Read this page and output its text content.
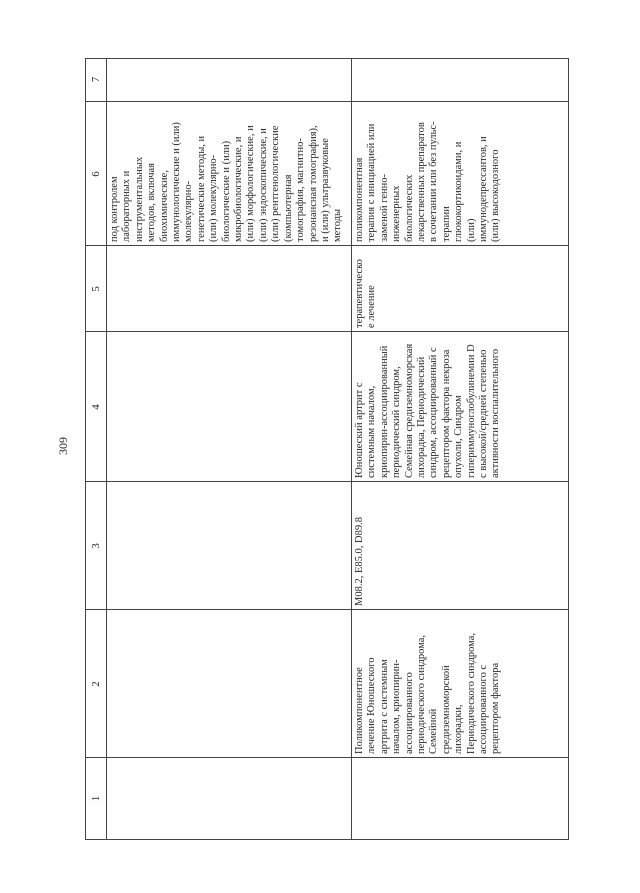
309
1
2
3
4
5
6
7
под контролем
лабораторных и
инструментальных
методов, включая
биохимические,
иммунологические и (или)
молекулярно-
генетические методы, и
(или) молекулярно-
биологические и (или)
микробиологические, и
(или) морфологические, и
(или) эндоскопические, и
(или) рентгенологические
(компьютерная
томография, магнитно-
резонансная томография),
и (или) ультразвуковые
методы
Поликомпонентное
лечение Юношеского
артрита с системным
началом, криопирин-
ассоциированного
периодического синдрома,
Семейной
средиземноморской
лихорадки,
Периодического синдрома,
ассоциированного с
рецептором фактора
M08.2, E85.0, D89.8
Юношеский артрит с
системным началом,
криопирин-ассоциированный
периодический синдром,
Семейная средиземноморская
лихорадка, Периодический
синдром, ассоциированный с
рецептором фактора некроза
опухоли, Синдром
гипериммуноглобулинемии D
с высокой/средней степенью
активности воспалительного
терапевтическо
е лечение
поликомпонентная
терапия с инициацией или
заменой генно-
инженерных
биологических
лекарственных препаратов
в сочетании или без пульс-
терапии
глюкокортикоидами, и
(или)
иммунодепрессантов, и
(или) высокодозного
